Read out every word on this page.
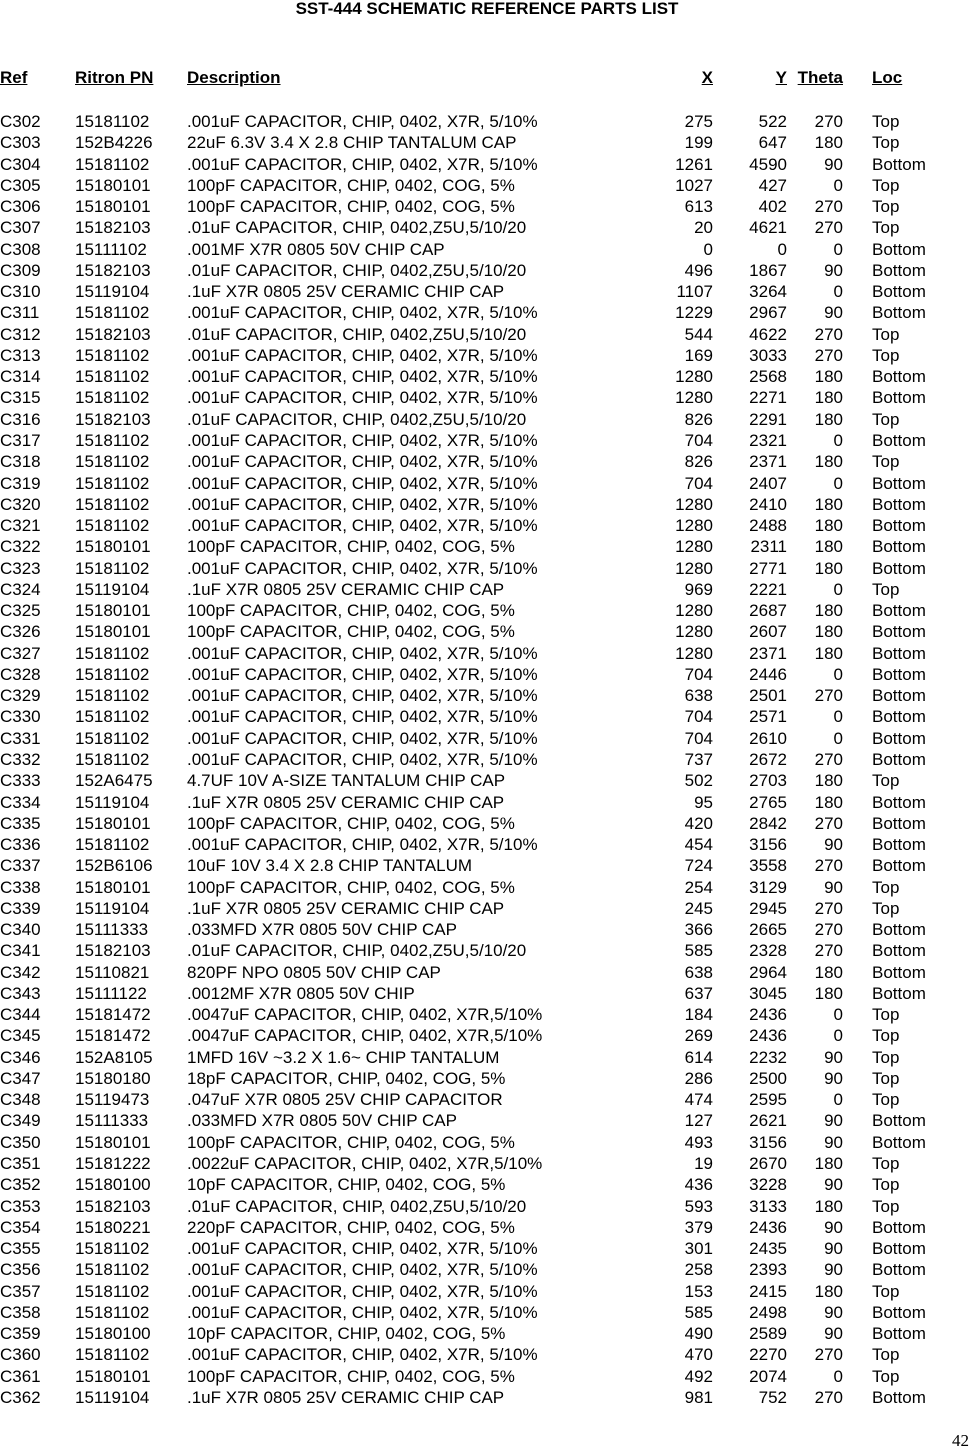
SST-444 SCHEMATIC REFERENCE PARTS LIST
Ref	Ritron PN Description	X	Y Theta Loc
C302 15181102 .001uF CAPACITOR, CHIP, 0402, X7R, 5/10%	275	522 270 Top
C303 152B4226 22uF 6.3V 3.4 X 2.8 CHIP TANTALUM CAP	199	647 180 Top
C304 15181102 .001uF CAPACITOR, CHIP, 0402, X7R, 5/10%	1261 4590 90 Bottom
C305 15180101 100pF CAPACITOR, CHIP, 0402, COG, 5%	1027	427	0 Top
C306 15180101 100pF CAPACITOR, CHIP, 0402, COG, 5%	613	402 270 Top
C307 15182103 .01uF CAPACITOR, CHIP, 0402,Z5U,5/10/20	20 4621 270 Top
C308 15111102 .001MF X7R 0805 50V CHIP CAP	0	0	0 Bottom
C309 15182103 .01uF CAPACITOR, CHIP, 0402,Z5U,5/10/20	496 1867 90 Bottom
C310 15119104 .1uF X7R 0805 25V CERAMIC CHIP CAP	1107 3264	0 Bottom
C311 15181102 .001uF CAPACITOR, CHIP, 0402, X7R, 5/10%	1229 2967 90 Bottom
C312 15182103 .01uF CAPACITOR, CHIP, 0402,Z5U,5/10/20	544 4622 270 Top
C313 15181102 .001uF CAPACITOR, CHIP, 0402, X7R, 5/10%	169 3033 270 Top
C314 15181102 .001uF CAPACITOR, CHIP, 0402, X7R, 5/10%	1280 2568 180 Bottom
C315 15181102 .001uF CAPACITOR, CHIP, 0402, X7R, 5/10%	1280 2271 180 Bottom
C316 15182103 .01uF CAPACITOR, CHIP, 0402,Z5U,5/10/20	826 2291 180 Top
C317 15181102 .001uF CAPACITOR, CHIP, 0402, X7R, 5/10%	704 2321	0 Bottom
C318 15181102 .001uF CAPACITOR, CHIP, 0402, X7R, 5/10%	826 2371 180 Top
C319 15181102 .001uF CAPACITOR, CHIP, 0402, X7R, 5/10%	704 2407	0 Bottom
C320 15181102 .001uF CAPACITOR, CHIP, 0402, X7R, 5/10%	1280 2410 180 Bottom
C321 15181102 .001uF CAPACITOR, CHIP, 0402, X7R, 5/10%	1280 2488 180 Bottom
C322 15180101 100pF CAPACITOR, CHIP, 0402, COG, 5%	1280 2311 180 Bottom
C323 15181102 .001uF CAPACITOR, CHIP, 0402, X7R, 5/10%	1280 2771 180 Bottom
C324 15119104 .1uF X7R 0805 25V CERAMIC CHIP CAP	969 2221	0 Top
C325 15180101 100pF CAPACITOR, CHIP, 0402, COG, 5%	1280 2687 180 Bottom
C326 15180101 100pF CAPACITOR, CHIP, 0402, COG, 5%	1280 2607 180 Bottom
C327 15181102 .001uF CAPACITOR, CHIP, 0402, X7R, 5/10%	1280 2371 180 Bottom
C328 15181102 .001uF CAPACITOR, CHIP, 0402, X7R, 5/10%	704 2446	0 Bottom
C329 15181102 .001uF CAPACITOR, CHIP, 0402, X7R, 5/10%	638 2501 270 Bottom
C330 15181102 .001uF CAPACITOR, CHIP, 0402, X7R, 5/10%	704 2571	0 Bottom
C331 15181102 .001uF CAPACITOR, CHIP, 0402, X7R, 5/10%	704 2610	0 Bottom
C332 15181102 .001uF CAPACITOR, CHIP, 0402, X7R, 5/10%	737 2672 270 Bottom
C333 152A6475 4.7UF 10V A-SIZE TANTALUM CHIP CAP	502 2703 180 Top
C334 15119104 .1uF X7R 0805 25V CERAMIC CHIP CAP	95 2765 180 Bottom
C335 15180101 100pF CAPACITOR, CHIP, 0402, COG, 5%	420 2842 270 Bottom
C336 15181102 .001uF CAPACITOR, CHIP, 0402, X7R, 5/10%	454 3156 90 Bottom
C337 152B6106 10uF 10V 3.4 X 2.8 CHIP TANTALUM	724 3558 270 Bottom
C338 15180101 100pF CAPACITOR, CHIP, 0402, COG, 5%	254 3129 90 Top
C339 15119104 .1uF X7R 0805 25V CERAMIC CHIP CAP	245 2945 270 Top
C340 15111333 .033MFD X7R 0805 50V CHIP CAP	366 2665 270 Bottom
C341 15182103 .01uF CAPACITOR, CHIP, 0402,Z5U,5/10/20	585 2328 270 Bottom
C342 15110821 820PF NPO 0805 50V CHIP CAP	638 2964 180 Bottom
C343 15111122 .0012MF X7R 0805 50V CHIP	637 3045 180 Bottom
C344 15181472 .0047uF CAPACITOR, CHIP, 0402, X7R,5/10%	184 2436	0 Top
C345 15181472 .0047uF CAPACITOR, CHIP, 0402, X7R,5/10%	269 2436	0 Top
C346 152A8105 1MFD 16V ~3.2 X 1.6~ CHIP TANTALUM	614 2232 90 Top
C347 15180180 18pF CAPACITOR, CHIP, 0402, COG, 5%	286 2500 90 Top
C348 15119473 .047uF X7R 0805 25V CHIP CAPACITOR	474 2595	0 Top
C349 15111333 .033MFD X7R 0805 50V CHIP CAP	127 2621 90 Bottom
C350 15180101 100pF CAPACITOR, CHIP, 0402, COG, 5%	493 3156 90 Bottom
C351 15181222 .0022uF CAPACITOR, CHIP, 0402, X7R,5/10%	19 2670 180 Top
C352 15180100 10pF CAPACITOR, CHIP, 0402, COG, 5%	436 3228 90 Top
C353 15182103 .01uF CAPACITOR, CHIP, 0402,Z5U,5/10/20	593 3133 180 Top
C354 15180221 220pF CAPACITOR, CHIP, 0402, COG, 5%	379 2436 90 Bottom
C355 15181102 .001uF CAPACITOR, CHIP, 0402, X7R, 5/10%	301 2435 90 Bottom
C356 15181102 .001uF CAPACITOR, CHIP, 0402, X7R, 5/10%	258 2393 90 Bottom
C357 15181102 .001uF CAPACITOR, CHIP, 0402, X7R, 5/10%	153 2415 180 Top
C358 15181102 .001uF CAPACITOR, CHIP, 0402, X7R, 5/10%	585 2498 90 Bottom
C359 15180100 10pF CAPACITOR, CHIP, 0402, COG, 5%	490 2589 90 Bottom
C360 15181102 .001uF CAPACITOR, CHIP, 0402, X7R, 5/10%	470 2270 270 Top
C361 15180101 100pF CAPACITOR, CHIP, 0402, COG, 5%	492 2074	0 Top
C362 15119104 .1uF X7R 0805 25V CERAMIC CHIP CAP	981	752 270 Bottom
42
